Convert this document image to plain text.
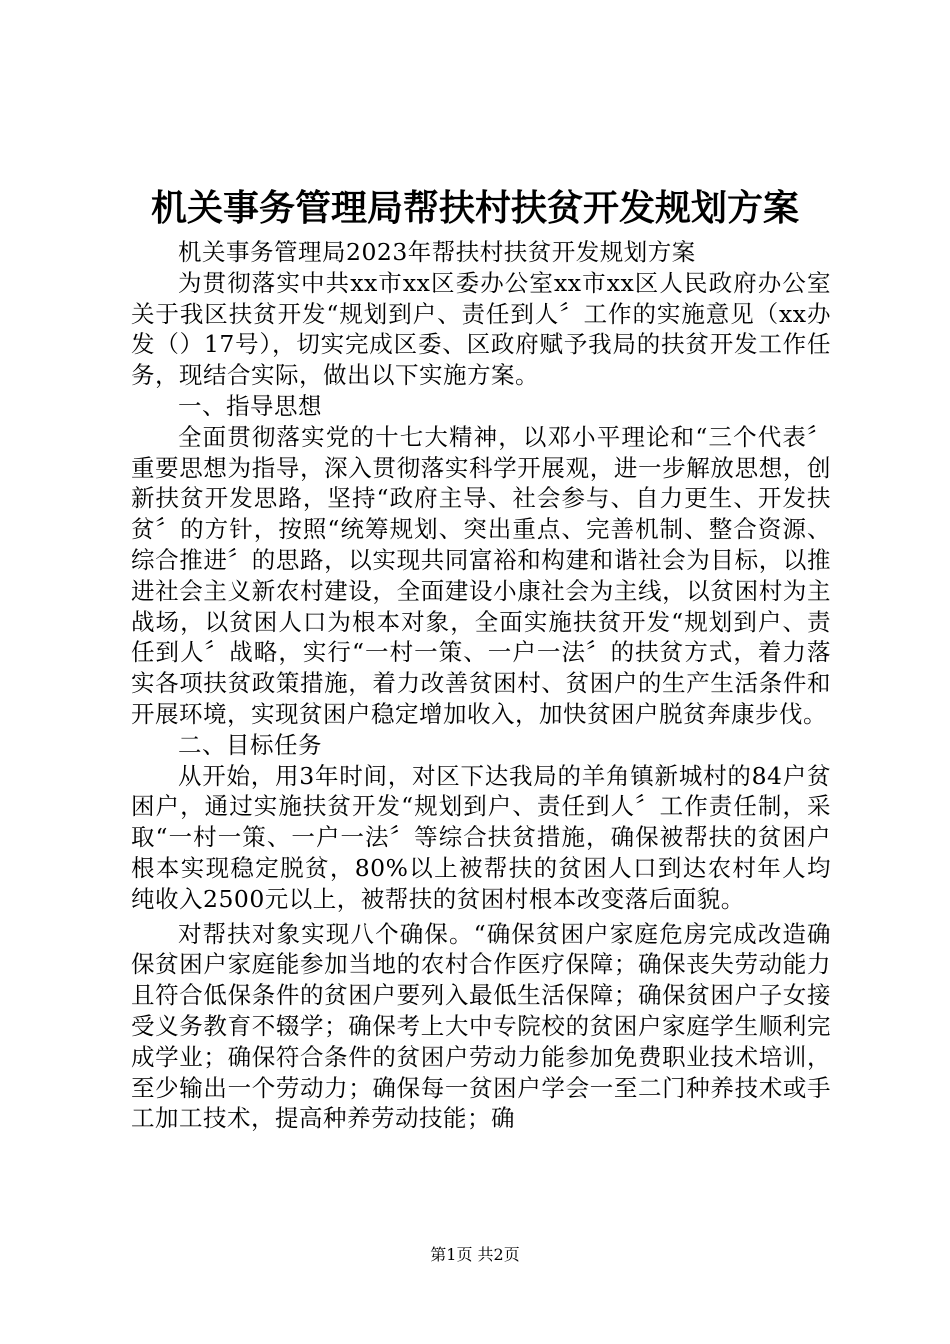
机关事务管理局帮扶村扶贫开发规划方案

机关事务管理局2023年帮扶村扶贫开发规划方案

为贯彻落实中共xx市xx区委办公室xx市xx区人民政府办公室关于我区扶贫开发“规划到户、责任到人〞工作的实施意见（xx办发（）17号），切实完成区委、区政府赋予我局的扶贫开发工作任务，现结合实际，做出以下实施方案。

一、指导思想

全面贯彻落实党的十七大精神，以邓小平理论和“三个代表〞重要思想为指导，深入贯彻落实科学开展观，进一步解放思想，创新扶贫开发思路，坚持“政府主导、社会参与、自力更生、开发扶贫〞的方针，按照“统筹规划、突出重点、完善机制、整合资源、综合推进〞的思路，以实现共同富裕和构建和谐社会为目标，以推进社会主义新农村建设，全面建设小康社会为主线，以贫困村为主战场，以贫困人口为根本对象，全面实施扶贫开发“规划到户、责任到人〞战略，实行“一村一策、一户一法〞的扶贫方式，着力落实各项扶贫政策措施，着力改善贫困村、贫困户的生产生活条件和开展环境，实现贫困户稳定增加收入，加快贫困户脱贫奔康步伐。

二、目标任务

从开始，用3年时间，对区下达我局的羊角镇新城村的84户贫困户，通过实施扶贫开发“规划到户、责任到人〞工作责任制，采取“一村一策、一户一法〞等综合扶贫措施，确保被帮扶的贫困户根本实现稳定脱贫，80%以上被帮扶的贫困人口到达农村年人均纯收入2500元以上，被帮扶的贫困村根本改变落后面貌。

对帮扶对象实现八个确保。“确保贫困户家庭危房完成改造确保贫困户家庭能参加当地的农村合作医疗保障；确保丧失劳动能力且符合低保条件的贫困户要列入最低生活保障；确保贫困户子女接受义务教育不辍学；确保考上大中专院校的贫困户家庭学生顺利完成学业；确保符合条件的贫困户劳动力能参加免费职业技术培训，至少输出一个劳动力；确保每一贫困户学会一至二门种养技术或手工加工技术，提高种养劳动技能；确

第1页 共2页
